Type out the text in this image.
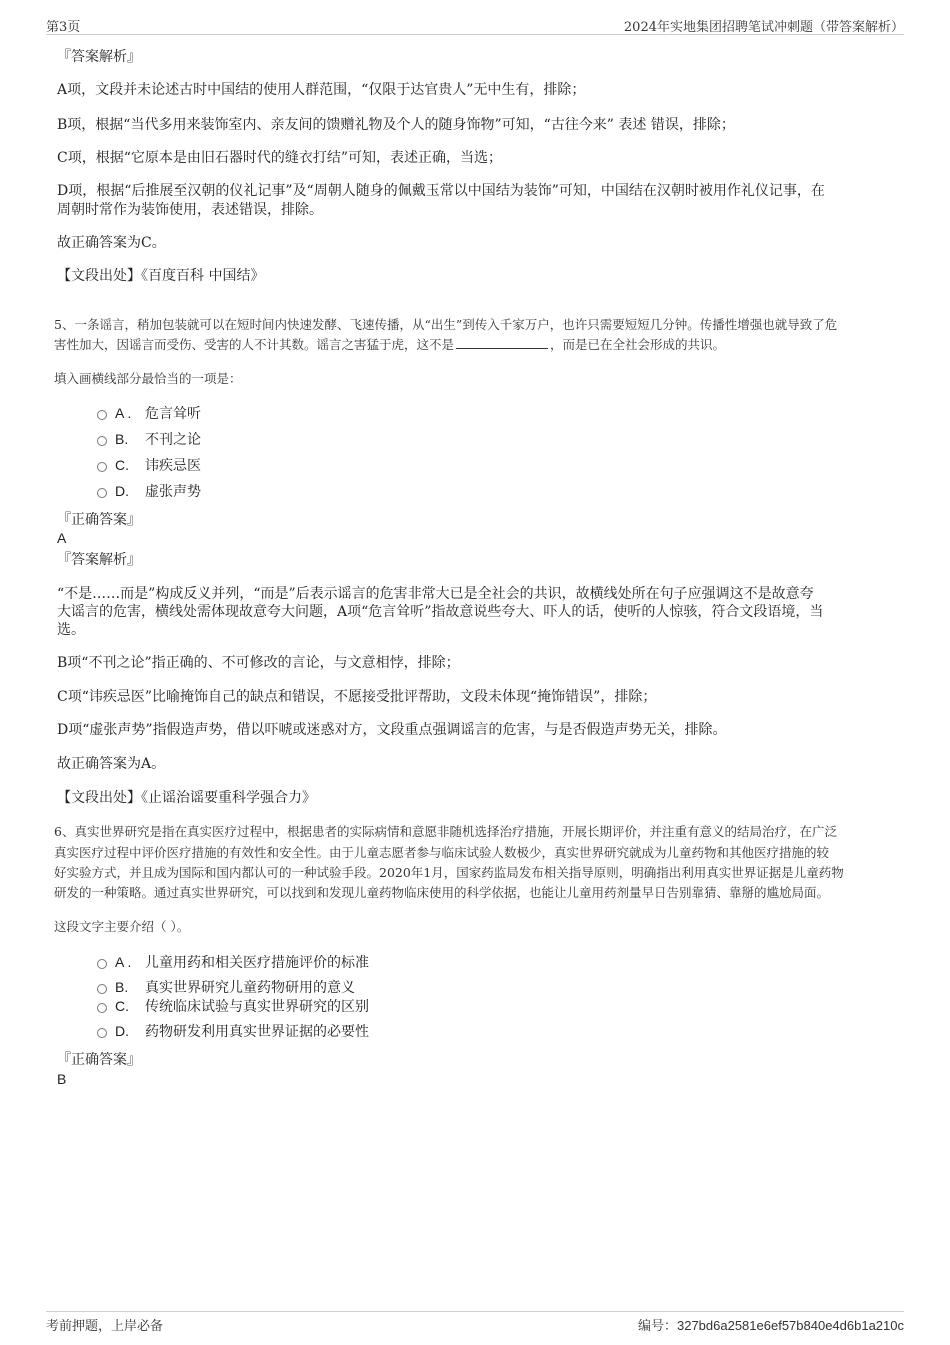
第3页	2024年实地集团招聘笔试冲刺题（带答案解析）
『答案解析』
A项，文段并未论述古时中国结的使用人群范围，“仅限于达官贵人”无中生有，排除；
B项，根据“当代多用来装饰室内、亲友间的馈赠礼物及个人的随身饰物”可知，“古往今来” 表述 错误，排除；
C项，根据“它原本是由旧石器时代的缝衣打结”可知，表述正确，当选；
D项，根据“后推展至汉朝的仪礼记事”及“周朝人随身的佩戴玉常以中国结为装饰”可知，中国结在汉朝时被用作礼仪记事，在
周朝时常作为装饰使用，表述错误，排除。
故正确答案为C。
【文段出处】《百度百科 中国结》
5、一条谣言，稍加包装就可以在短时间内快速发酵、飞速传播，从“出生”到传入千家万户，也许只需要短短几分钟。传播性增强也就导致了危
害性加大，因谣言而受伤、受害的人不计其数。谣言之害猛于虎，这不是	，而是已在全社会形成的共识。
填入画横线部分最恰当的一项是：
A . 危言耸听
B. 不刊之论
C. 讳疾忌医
D. 虚张声势
『正确答案』
A
『答案解析』
“不是……而是”构成反义并列，“而是”后表示谣言的危害非常大已是全社会的共识，故横线处所在句子应强调这不是故意夸
大谣言的危害，横线处需体现故意夸大问题，A项“危言耸听”指故意说些夸大、吓人的话，使听的人惊骇，符合文段语境，当
选。
B项“不刊之论”指正确的、不可修改的言论，与文意相悖，排除；
C项“讳疾忌医”比喻掩饰自己的缺点和错误，不愿接受批评帮助，文段未体现“掩饰错误”，排除；
D项“虚张声势”指假造声势，借以吓唬或迷惑对方，文段重点强调谣言的危害，与是否假造声势无关，排除。
故正确答案为A。
【文段出处】《止谣治谣要重科学强合力》
6、真实世界研究是指在真实医疗过程中，根据患者的实际病情和意愿非随机选择治疗措施，开展长期评价，并注重有意义的结局治疗，在广泛
真实医疗过程中评价医疗措施的有效性和安全性。由于儿童志愿者参与临床试验人数极少，真实世界研究就成为儿童药物和其他医疗措施的较
好实验方式，并且成为国际和国内都认可的一种试验手段。2020年1月，国家药监局发布相关指导原则，明确指出利用真实世界证据是儿童药物
研发的一种策略。通过真实世界研究，可以找到和发现儿童药物临床使用的科学依据，也能让儿童用药剂量早日告别靠猜、靠掰的尴尬局面。
这段文字主要介绍（ ）。
A . 儿童用药和相关医疗措施评价的标准
B. 真实世界研究儿童药物研用的意义
C. 传统临床试验与真实世界研究的区别
D. 药物研发利用真实世界证据的必要性
『正确答案』
B
考前押题，上岸必备	编号：327bd6a2581e6ef57b840e4d6b1a210c
